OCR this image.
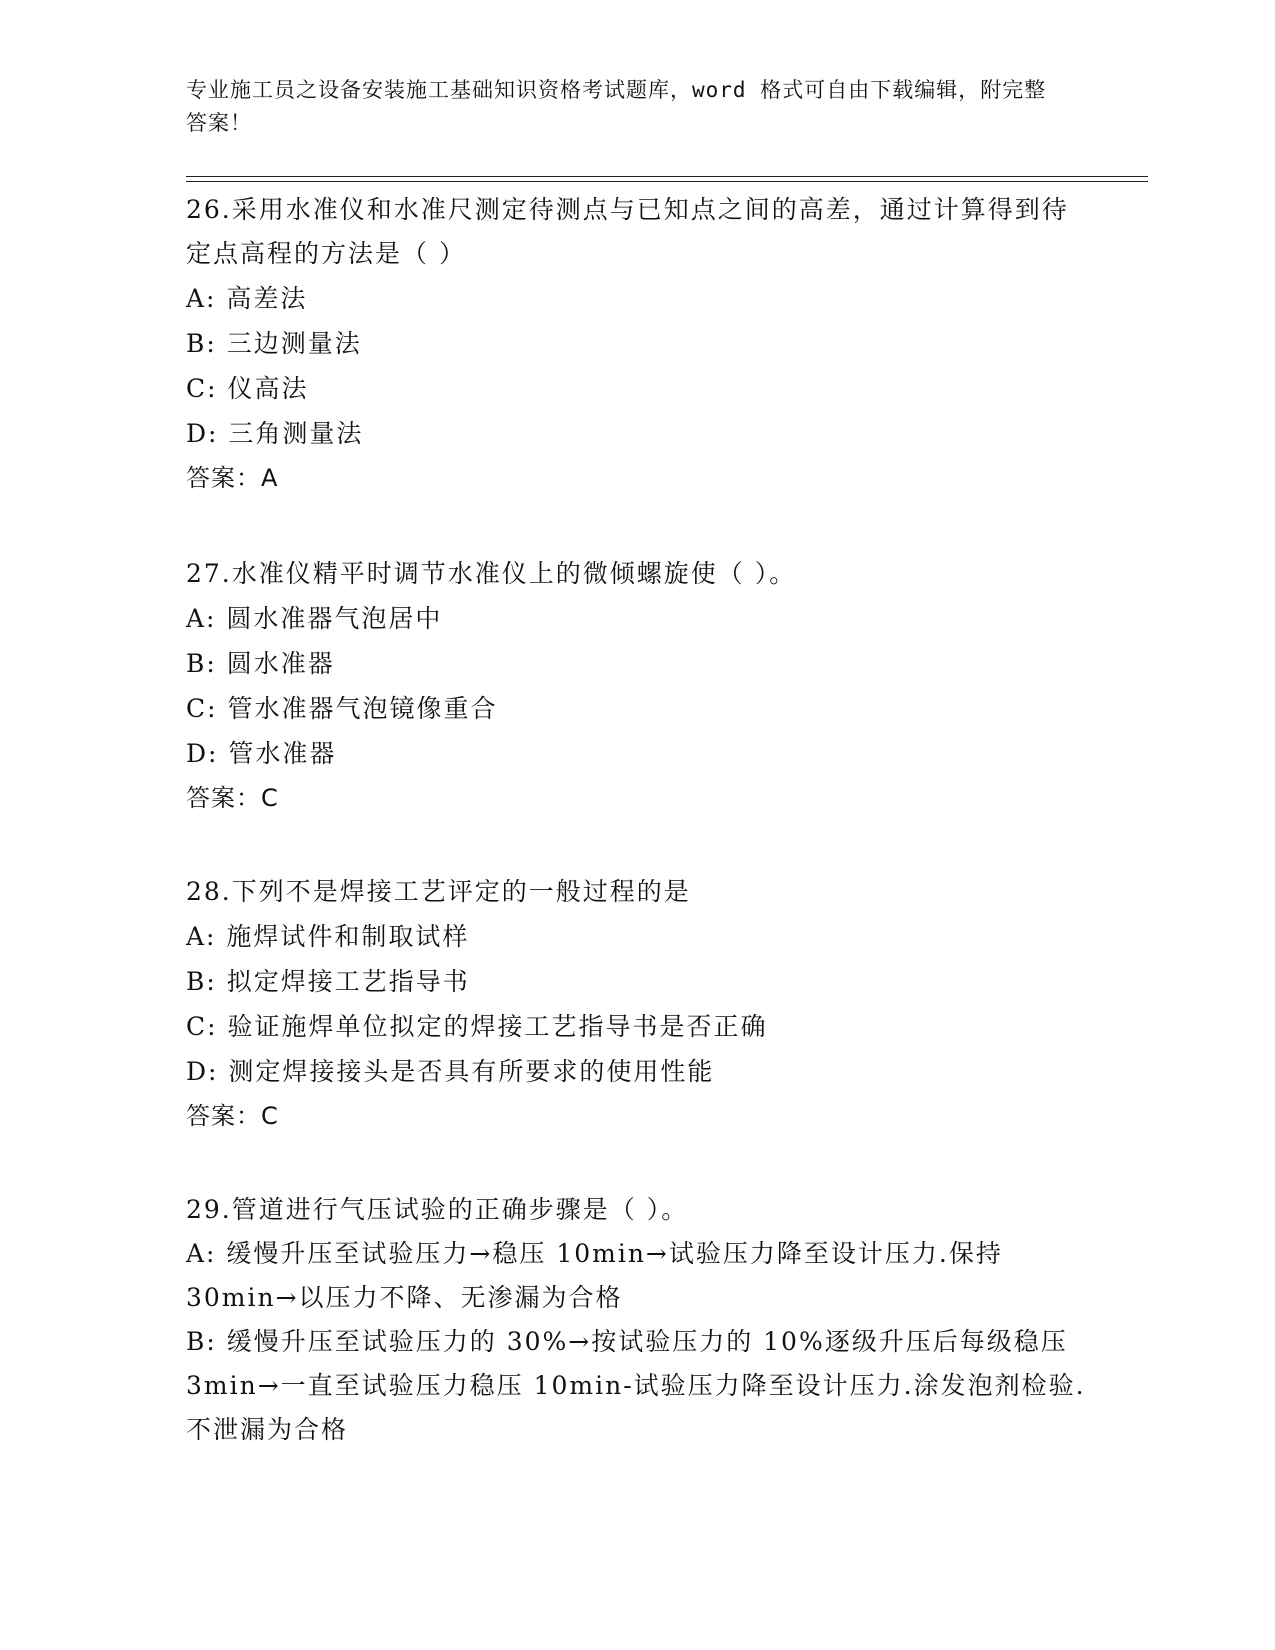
专业施工员之设备安装施工基础知识资格考试题库，word 格式可自由下载编辑，附完整答案！

26.采用水准仪和水准尺测定待测点与已知点之间的高差，通过计算得到待定点高程的方法是（ ）

A: 高差法

B: 三边测量法

C: 仪高法

D: 三角测量法

答案：A

27.水准仪精平时调节水准仪上的微倾螺旋使（ ）。

A: 圆水准器气泡居中

B: 圆水准器

C: 管水准器气泡镜像重合

D: 管水准器

答案：C

28.下列不是焊接工艺评定的一般过程的是

A: 施焊试件和制取试样

B: 拟定焊接工艺指导书

C: 验证施焊单位拟定的焊接工艺指导书是否正确

D: 测定焊接接头是否具有所要求的使用性能

答案：C

29.管道进行气压试验的正确步骤是（ ）。

A: 缓慢升压至试验压力→稳压 10min→试验压力降至设计压力.保持30min→以压力不降、无渗漏为合格

B: 缓慢升压至试验压力的 30%→按试验压力的 10%逐级升压后每级稳压 3min→一直至试验压力稳压 10min-试验压力降至设计压力.涂发泡剂检验.不泄漏为合格
